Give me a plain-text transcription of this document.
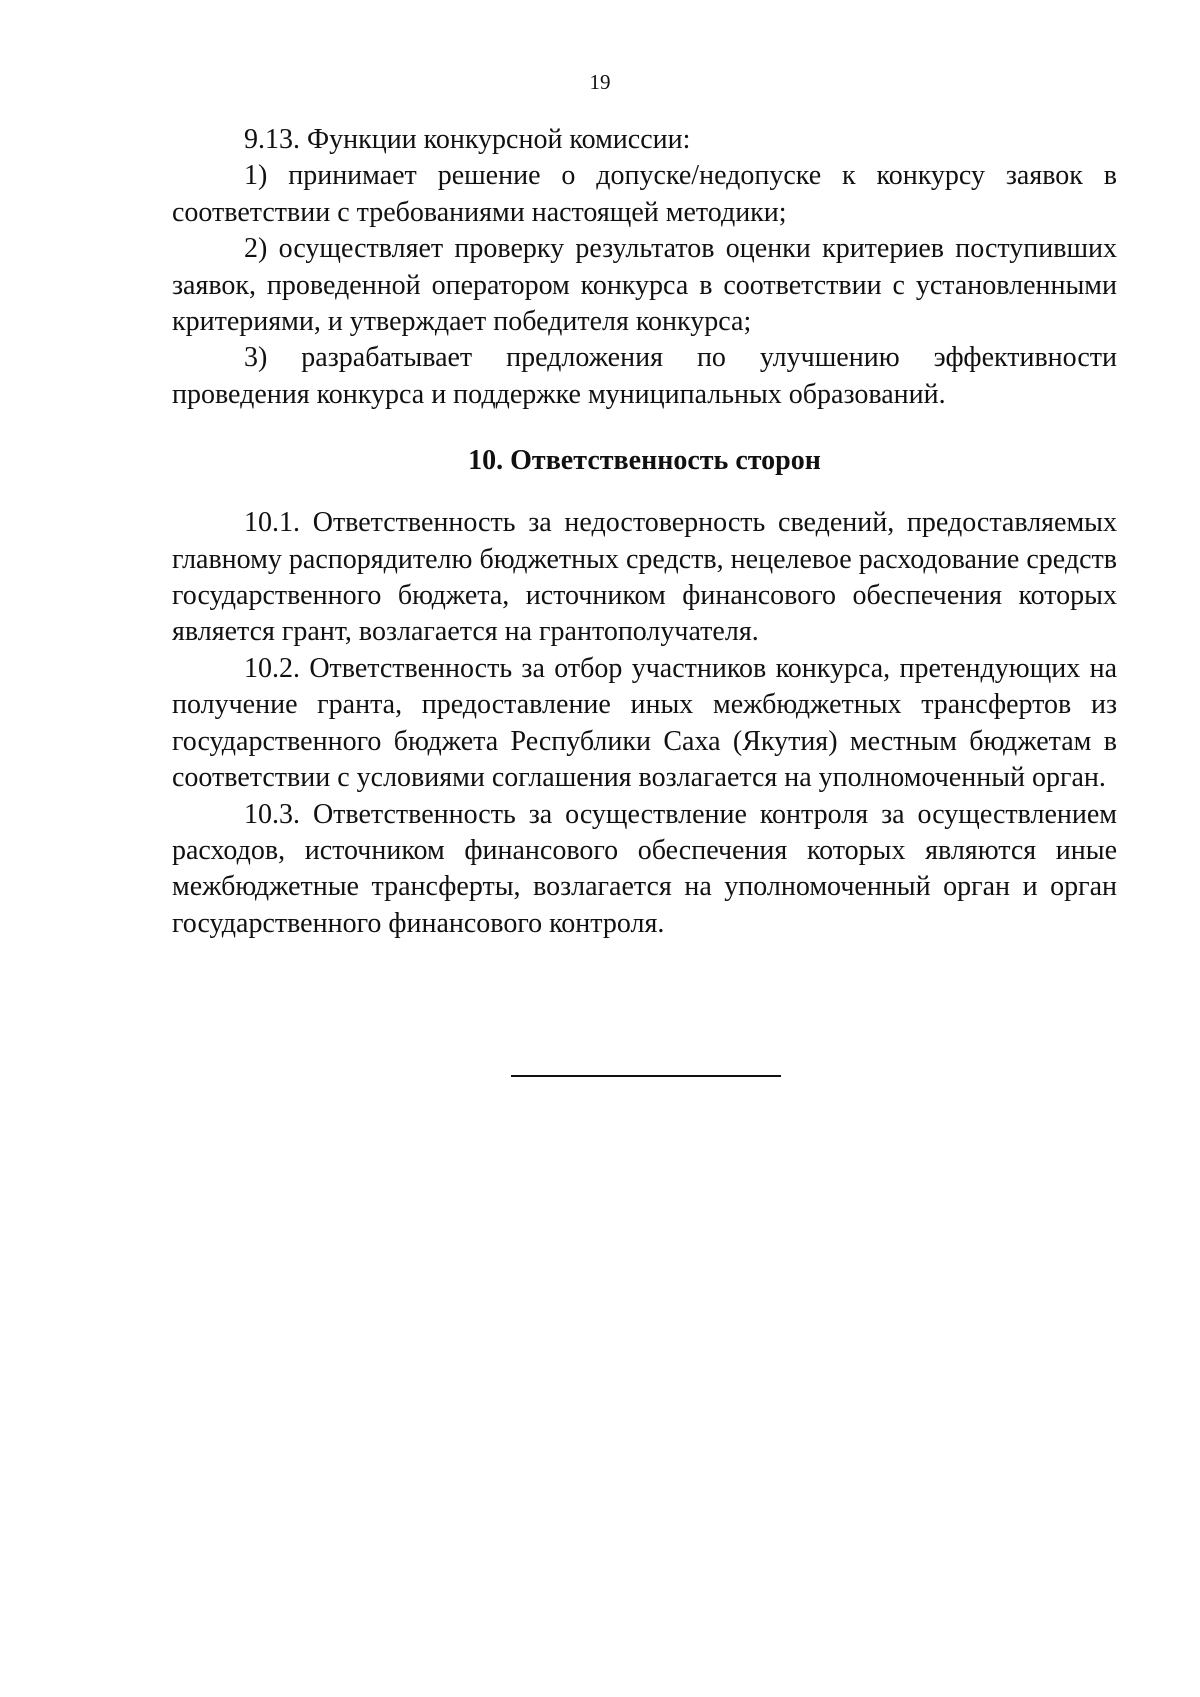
19

9.13. Функции конкурсной комиссии:

1) принимает решение о допуске/недопуске к конкурсу заявок в соответствии с требованиями настоящей методики;

2) осуществляет проверку результатов оценки критериев поступивших заявок, проведенной оператором конкурса в соответствии с установленными критериями, и утверждает победителя конкурса;

3) разрабатывает предложения по улучшению эффективности проведения конкурса и поддержке муниципальных образований.

10. Ответственность сторон

10.1. Ответственность за недостоверность сведений, предоставляемых главному распорядителю бюджетных средств, нецелевое расходование средств государственного бюджета, источником финансового обеспечения которых является грант, возлагается на грантополучателя.

10.2. Ответственность за отбор участников конкурса, претендующих на получение гранта, предоставление иных межбюджетных трансфертов из государственного бюджета Республики Саха (Якутия) местным бюджетам в соответствии с условиями соглашения возлагается на уполномоченный орган.

10.3. Ответственность за осуществление контроля за осуществлением расходов, источником финансового обеспечения которых являются иные межбюджетные трансферты, возлагается на уполномоченный орган и орган государственного финансового контроля.
